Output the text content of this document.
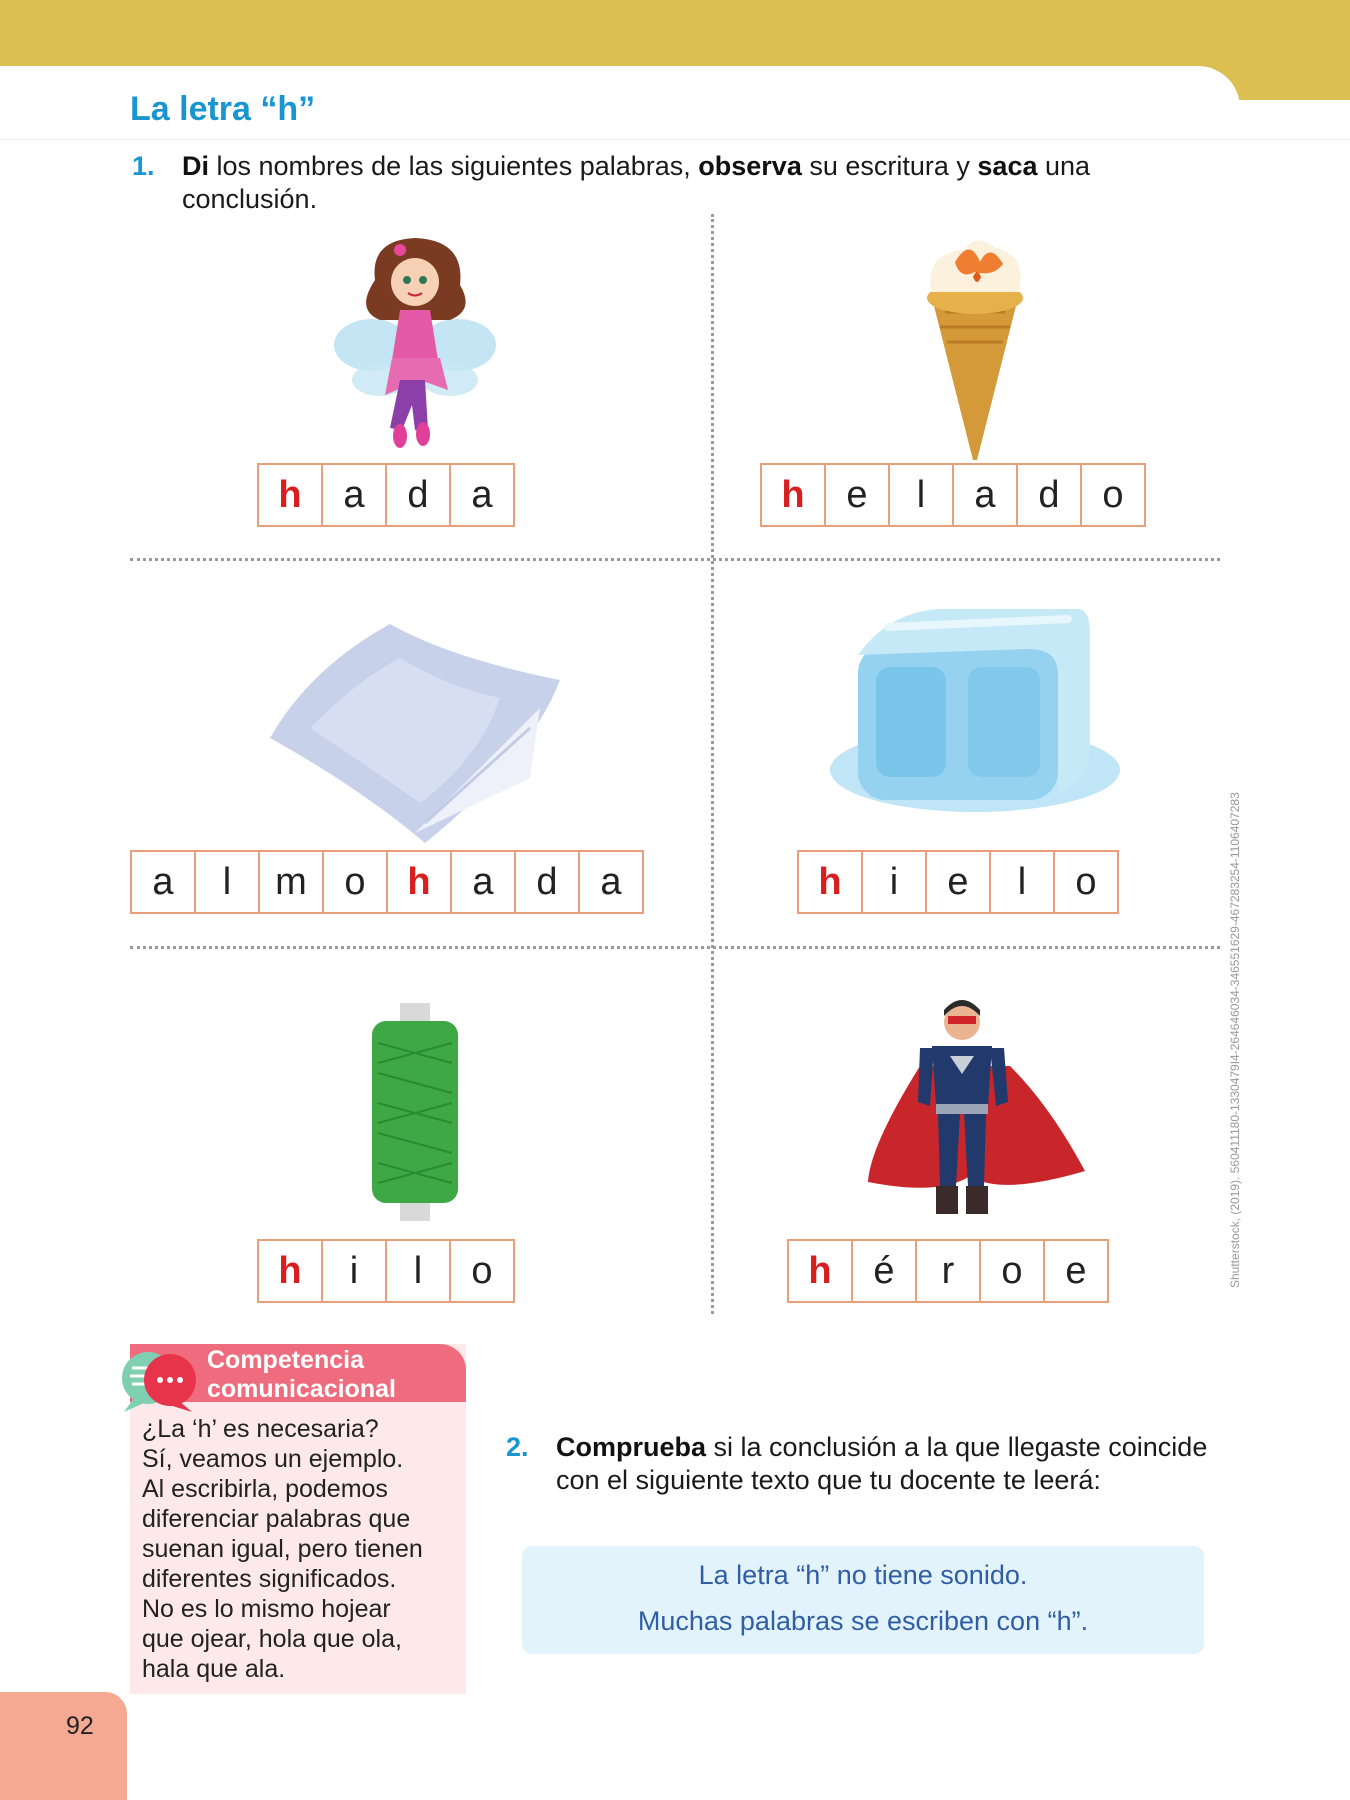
La letra “h”
1. Di los nombres de las siguientes palabras, observa su escritura y saca una conclusión.
h	a	d	a	h	e	l	a	d	o
a	l	m o	h	a	d	a	h	i	e	l	o
h	i	l	o	h	é	r	o	e	Shutterstock, (2019). 560411180-1330479I4-264646034-346551629-467283254-1106407283
Competencia
comunicacional
¿La ‘h’ es necesaria?
Sí, veamos un ejemplo.
Al escribirla, podemos
diferenciar palabras que
suenan igual, pero tienen
diferentes significados.
No es lo mismo hojear
que ojear, hola que ola,
hala que ala.
2. Comprueba si la conclusión a la que llegaste coincide con el siguiente texto que tu docente te leerá:
La letra “h” no tiene sonido.
Muchas palabras se escriben con “h”.
92
